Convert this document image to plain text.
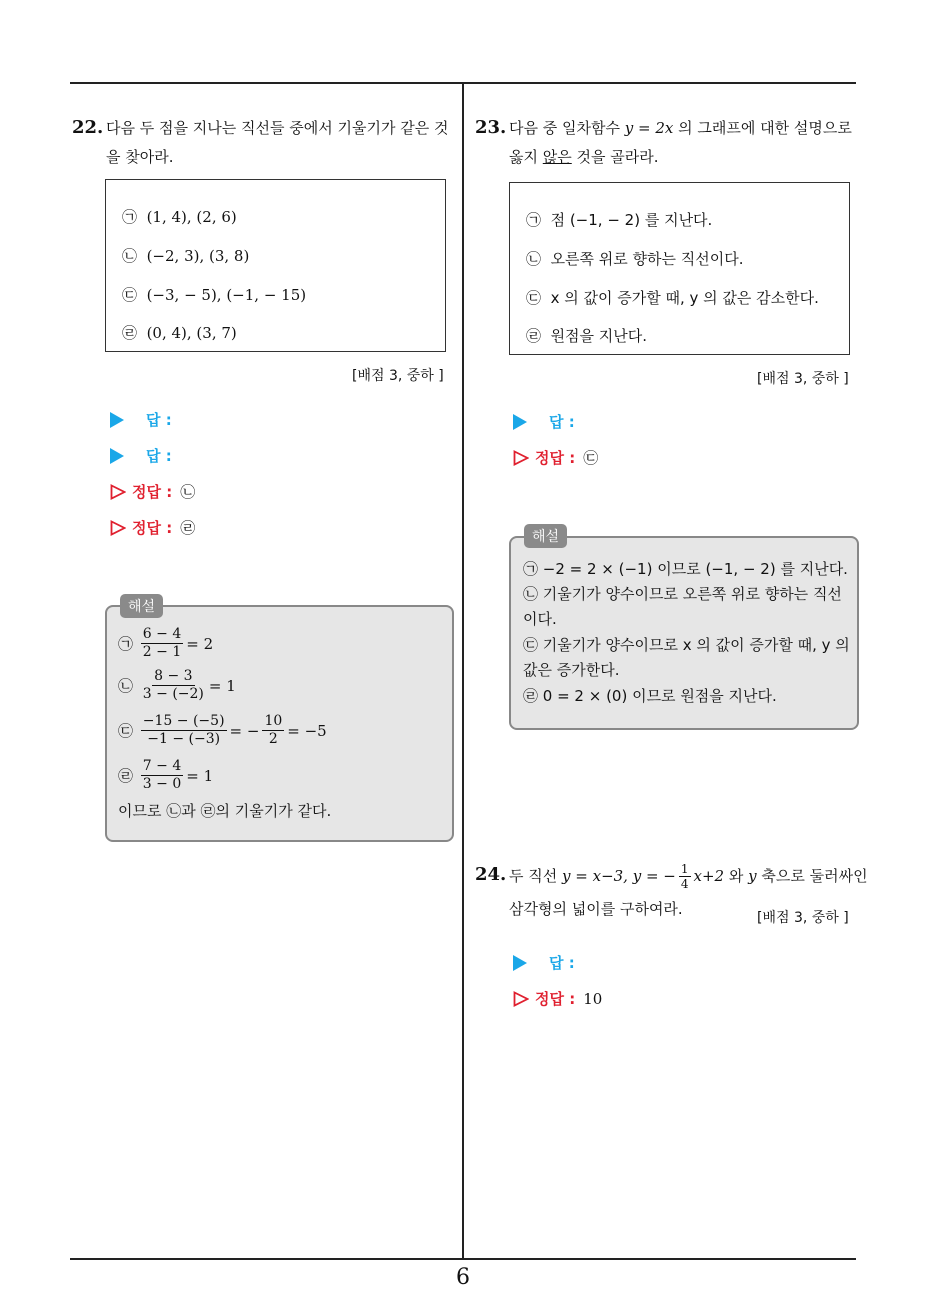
6
22. 다음 두 점을 지나는 직선들 중에서 기울기가 같은 것
을 찾아라.
㉠ (1, 4), (2, 6)
㉡ (−2, 3), (3, 8)
㉢ (−3, − 5), (−1, − 15)
㉣ (0, 4), (3, 7)
[배점 3, 중하 ]
답 :
답 :
정답 : ㉡
정답 : ㉣
해설
㉠
$\frac{6 - 4}{2 - 1} = 2$
㉡
$\frac{8 - 3}{3 - (-2)} = 1$
㉢
$\frac{-15 - (-5)}{-1 - (-3)}$ = − $\frac{10}{2} = -5$
㉣
$\frac{7 - 4}{3 - 0} = 1$
이므로 ㉡과 ㉣의 기울기가 같다.
23. 다음 중 일차함수 y = 2x 의 그래프에 대한 설명으로
옳지 않은 것을 골라라.
㉠ 점 (−1, − 2) 를 지난다.
㉡ 오른쪽 위로 향하는 직선이다.
㉢ x 의 값이 증가할 때, y 의 값은 감소한다.
㉣ 원점을 지난다.
[배점 3, 중하 ]
답 :
정답 : ㉢
해설
㉠ −2 = 2 × (−1) 이므로 (−1, − 2) 를 지난다.
㉡ 기울기가 양수이므로 오른쪽 위로 향하는 직선
이다.
㉢ 기울기가 양수이므로 x 의 값이 증가할 때, y 의
값은 증가한다.
㉣ 0 = 2 × (0) 이므로 원점을 지난다.
24. 두 직선
y = x−3, y = − $\frac{1}{4} x+2$
와
y
축으로 둘러싸인
삼각형의 넓이를 구하여라.	[배점 3, 중하 ]
답 :
정답 : 10
